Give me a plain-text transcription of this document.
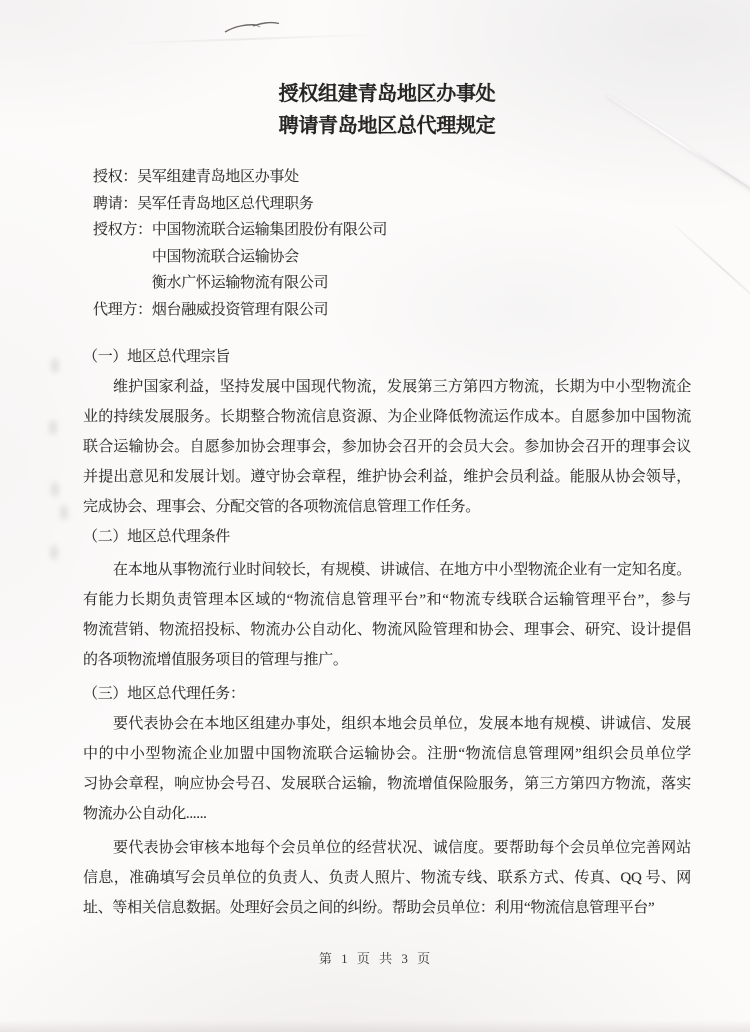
授权组建青岛地区办事处
聘请青岛地区总代理规定
授权：吴军组建青岛地区办事处
聘请：吴军任青岛地区总代理职务
授权方： 中国物流联合运输集团股份有限公司
中国物流联合运输协会
衡水广怀运输物流有限公司
代理方： 烟台融威投资管理有限公司
（一）地区总代理宗旨
维护国家利益，坚持发展中国现代物流，发展第三方第四方物流，长期为中小型物流企
业的持续发展服务。长期整合物流信息资源、为企业降低物流运作成本。自愿参加中国物流
联合运输协会。自愿参加协会理事会，参加协会召开的会员大会。参加协会召开的理事会议
并提出意见和发展计划。遵守协会章程，维护协会利益，维护会员利益。能服从协会领导，
完成协会、理事会、分配交管的各项物流信息管理工作任务。
（二）地区总代理条件
在本地从事物流行业时间较长，有规模、讲诚信、在地方中小型物流企业有一定知名度。
有能力长期负责管理本区域的“物流信息管理平台”和“物流专线联合运输管理平台”，参与
物流营销、物流招投标、物流办公自动化、物流风险管理和协会、理事会、研究、设计提倡
的各项物流增值服务项目的管理与推广。
（三）地区总代理任务：
要代表协会在本地区组建办事处，组织本地会员单位，发展本地有规模、讲诚信、发展
中的中小型物流企业加盟中国物流联合运输协会。注册“物流信息管理网”组织会员单位学
习协会章程，响应协会号召、发展联合运输，物流增值保险服务，第三方第四方物流，落实
物流办公自动化......
要代表协会审核本地每个会员单位的经营状况、诚信度。要帮助每个会员单位完善网站
信息，准确填写会员单位的负责人、负责人照片、物流专线、联系方式、传真、QQ 号、网
址、等相关信息数据。处理好会员之间的纠纷。帮助会员单位：利用“物流信息管理平台”
第 1 页 共 3 页
